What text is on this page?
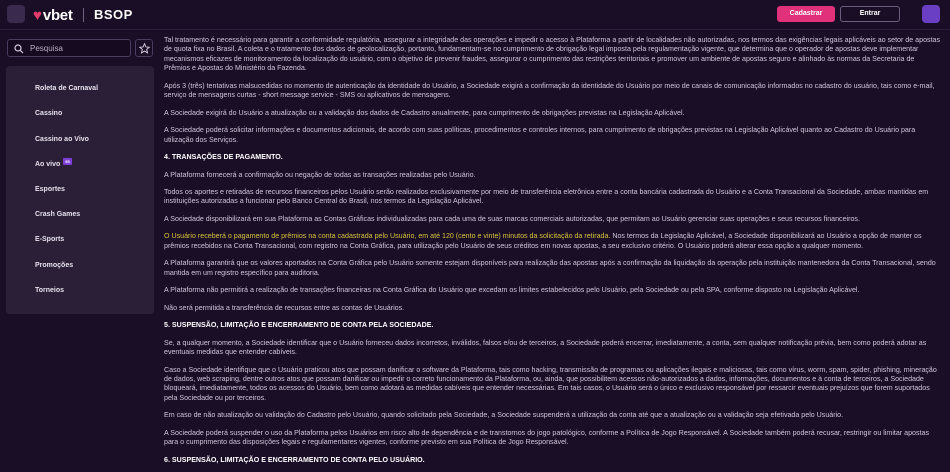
♥ vbet BSOP	Cadastrar	Entrar
Pesquisa
Roleta de Carnaval
Cassino
Cassino ao Vivo
Ao vivo 55
Esportes
Crash Games
E-Sports
Promoções
Torneios

Tal tratamento é necessário para garantir a conformidade regulatória, assegurar a integridade das operações e impedir o acesso à Plataforma a partir de localidades não autorizadas, nos termos das exigências legais aplicáveis ao setor de apostas de quota fixa no Brasil. A coleta e o tratamento dos dados de geolocalização, portanto, fundamentam-se no cumprimento de obrigação legal imposta pela regulamentação vigente, que determina que o operador de apostas deve implementar mecanismos eficazes de monitoramento da localização do usuário, com o objetivo de prevenir fraudes, assegurar o cumprimento das restrições territoriais e promover um ambiente de apostas seguro e alinhado às normas da Secretaria de Prêmios e Apostas do Ministério da Fazenda.

Após 3 (três) tentativas malsucedidas no momento de autenticação da identidade do Usuário, a Sociedade exigirá a confirmação da identidade do Usuário por meio de canais de comunicação informados no cadastro do usuário, tais como e-mail, serviço de mensagens curtas - short message service - SMS ou aplicativos de mensagens.

A Sociedade exigirá do Usuário a atualização ou a validação dos dados de Cadastro anualmente, para cumprimento de obrigações previstas na Legislação Aplicável.

A Sociedade poderá solicitar informações e documentos adicionais, de acordo com suas políticas, procedimentos e controles internos, para cumprimento de obrigações previstas na Legislação Aplicável quanto ao Cadastro do Usuário para utilização dos Serviços.

4. TRANSAÇÕES DE PAGAMENTO.

A Plataforma fornecerá a confirmação ou negação de todas as transações realizadas pelo Usuário.

Todos os aportes e retiradas de recursos financeiros pelos Usuário serão realizados exclusivamente por meio de transferência eletrônica entre a conta bancária cadastrada do Usuário e a Conta Transacional da Sociedade, ambas mantidas em instituições autorizadas a funcionar pelo Banco Central do Brasil, nos termos da Legislação Aplicável.

A Sociedade disponibilizará em sua Plataforma as Contas Gráficas individualizadas para cada uma de suas marcas comerciais autorizadas, que permitam ao Usuário gerenciar suas operações e seus recursos financeiros.

O Usuário receberá o pagamento de prêmios na conta cadastrada pelo Usuário, em até 120 (cento e vinte) minutos da solicitação da retirada. Nos termos da Legislação Aplicável, a Sociedade disponibilizará ao Usuário a opção de manter os prêmios recebidos na Conta Transacional, com registro na Conta Gráfica, para utilização pelo Usuário de seus créditos em novas apostas, a seu exclusivo critério. O Usuário poderá alterar essa opção a qualquer momento.

A Plataforma garantirá que os valores aportados na Conta Gráfica pelo Usuário somente estejam disponíveis para realização das apostas após a confirmação da liquidação da operação pela instituição mantenedora da Conta Transacional, sendo mantida em um registro específico para auditoria.

A Plataforma não permitirá a realização de transações financeiras na Conta Gráfica do Usuário que excedam os limites estabelecidos pelo Usuário, pela Sociedade ou pela SPA, conforme disposto na Legislação Aplicável.

Não será permitida a transferência de recursos entre as contas de Usuários.

5. SUSPENSÃO, LIMITAÇÃO E ENCERRAMENTO DE CONTA PELA SOCIEDADE.

Se, a qualquer momento, a Sociedade identificar que o Usuário forneceu dados incorretos, inválidos, falsos e/ou de terceiros, a Sociedade poderá encerrar, imediatamente, a conta, sem qualquer notificação prévia, bem como poderá adotar as eventuais medidas que entender cabíveis.

Caso a Sociedade identifique que o Usuário praticou atos que possam danificar o software da Plataforma, tais como hacking, transmissão de programas ou aplicações ilegais e maliciosas, tais como vírus, worm, spam, spider, phishing, mineração de dados, web scraping, dentre outros atos que possam danificar ou impedir o correto funcionamento da Plataforma, ou, ainda, que possibilitem acessos não-autorizados a dados, informações, documentos e à conta de terceiros, a Sociedade bloqueará, imediatamente, todos os acessos do Usuário, bem como adotará as medidas cabíveis que entender necessárias. Em tais casos, o Usuário será o único e exclusivo responsável por ressarcir eventuais prejuízos que forem suportados pela Sociedade ou por terceiros.

Em caso de não atualização ou validação do Cadastro pelo Usuário, quando solicitado pela Sociedade, a Sociedade suspenderá a utilização da conta até que a atualização ou a validação seja efetivada pelo Usuário.

A Sociedade poderá suspender o uso da Plataforma pelos Usuários em risco alto de dependência e de transtornos do jogo patológico, conforme a Política de Jogo Responsável. A Sociedade também poderá recusar, restringir ou limitar apostas para o cumprimento das disposições legais e regulamentares vigentes, conforme previsto em sua Política de Jogo Responsável.

6. SUSPENSÃO, LIMITAÇÃO E ENCERRAMENTO DE CONTA PELO USUÁRIO.
